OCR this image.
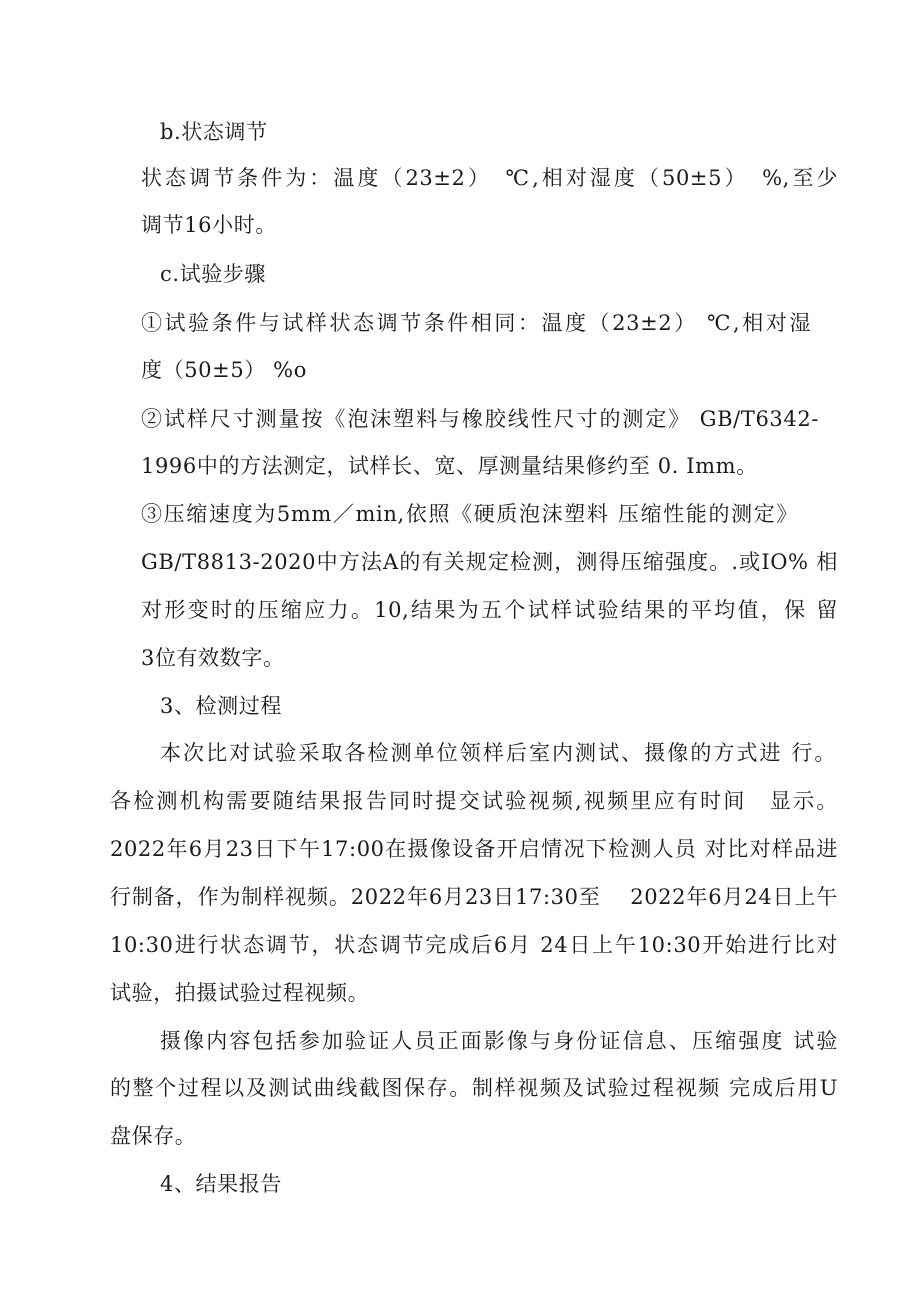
b.状态调节
状态调节条件为：温度（23±2）　℃,相对湿度（50±5）　%,至少
调节16小时。
c.试验步骤
①试验条件与试样状态调节条件相同：温度（23±2） ℃,相对湿
度（50±5） %o
②试样尺寸测量按《泡沫塑料与橡胶线性尺寸的测定》 GB/T6342-
1996中的方法测定，试样长、宽、厚测量结果修约至 0. Imm。
③压缩速度为5mm／min,依照《硬质泡沫塑料 压缩性能的测定》
GB/T8813-2020中方法A的有关规定检测，测得压缩强度。.或IO% 相
对形变时的压缩应力。10,结果为五个试样试验结果的平均值，保 留
3位有效数字。
3、检测过程
本次比对试验采取各检测单位领样后室内测试、摄像的方式进 行。
各检测机构需要随结果报告同时提交试验视频,视频里应有时间　显示。
2022年6月23日下午17:00在摄像设备开启情况下检测人员 对比对样品进
行制备，作为制样视频。2022年6月23日17:30至　 2022年6月24日上午
10:30进行状态调节，状态调节完成后6月 24日上午10:30开始进行比对
试验，拍摄试验过程视频。
摄像内容包括参加验证人员正面影像与身份证信息、压缩强度 试验
的整个过程以及测试曲线截图保存。制样视频及试验过程视频 完成后用U
盘保存。
4、结果报告
